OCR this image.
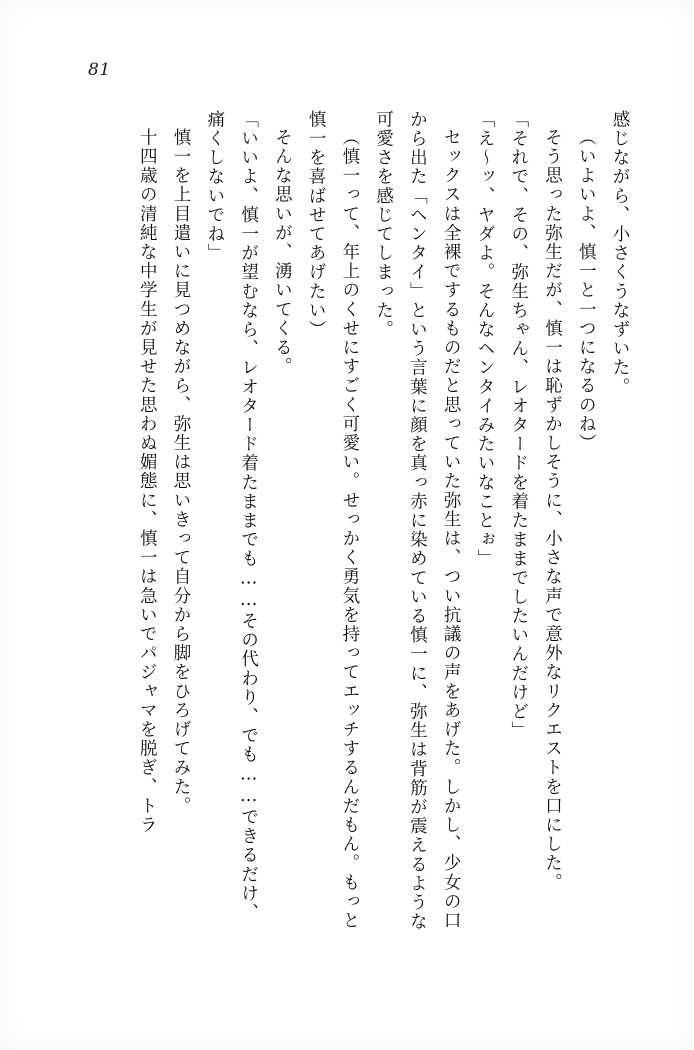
81

感じながら、小さくうなずいた。

（いよいよ、慎一と一つになるのね）

そう思った弥生だが、慎一は恥ずかしそうに、小さな声で意外なリクエストを口にした。

「それで、その、弥生ちゃん、レオタードを着たままでしたいんだけど」

「え～ッ、ヤダよ。そんなヘンタイみたいなことぉ」

セックスは全裸でするものだと思っていた弥生は、つい抗議の声をあげた。しかし、少女の口から出た「ヘンタイ」という言葉に顔を真っ赤に染めている慎一に、弥生は背筋が震えるような可愛さを感じてしまった。

（慎一って、年上のくせにすごく可愛い。せっかく勇気を持ってエッチするんだもん。もっと慎一を喜ばせてあげたい）

そんな思いが、湧いてくる。

「いいよ、慎一が望むなら、レオタード着たままでも……その代わり、でも……できるだけ、痛くしないでね」

慎一を上目遣いに見つめながら、弥生は思いきって自分から脚をひろげてみた。

十四歳の清純な中学生が見せた思わぬ媚態に、慎一は急いでパジャマを脱ぎ、トラ
